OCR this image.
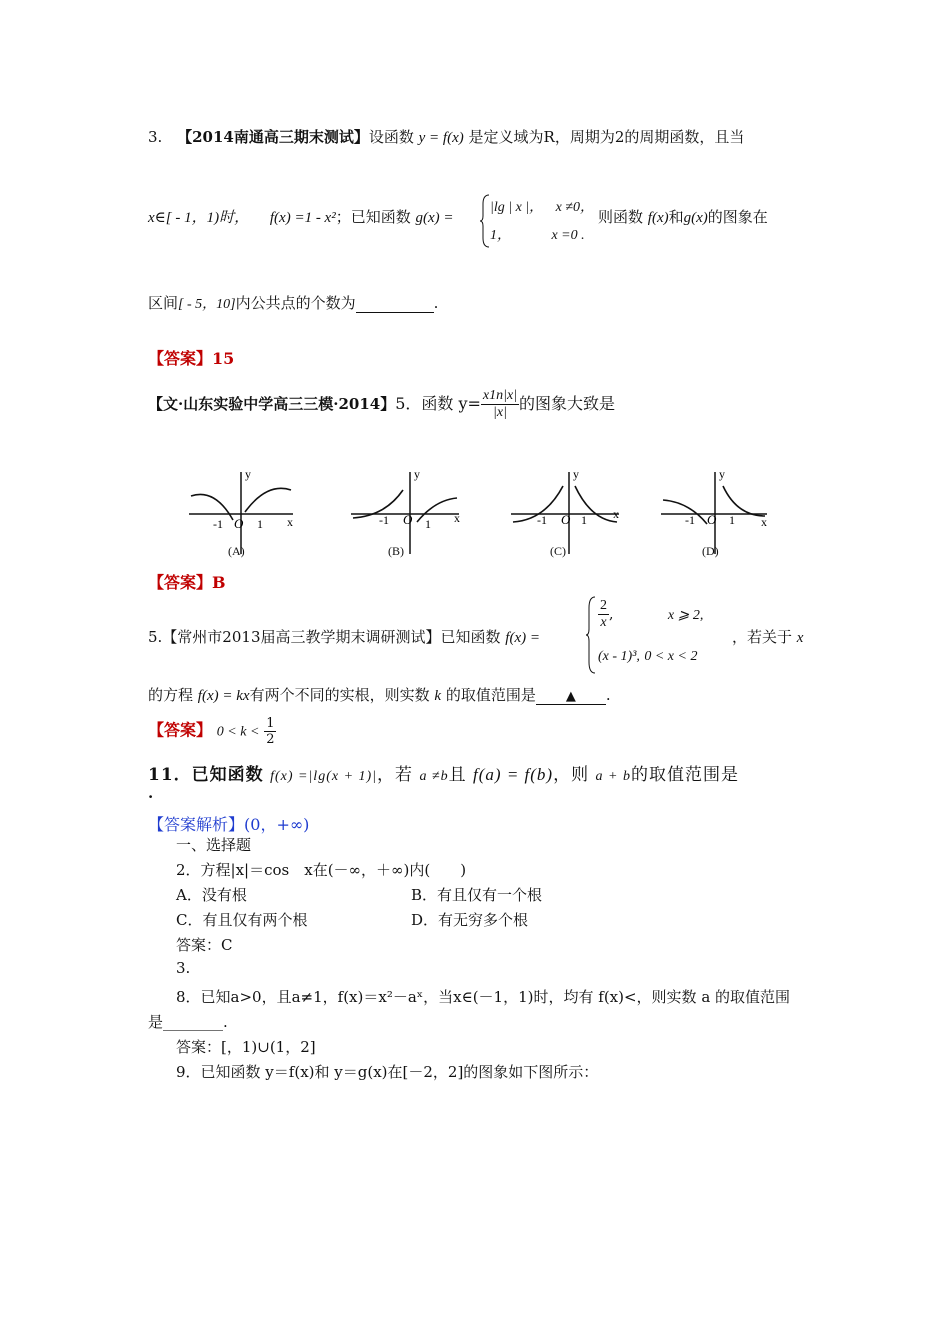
3. 【2014南通高三期末测试】设函数 y = f(x) 是定义域为R，周期为2的周期函数，且当
x∈[ - 1，1)时， f(x) =1 - x²；已知函数 g(x) =
|lg | x |， x ≠0，
1，	x =0 .
则函数 f(x)和g(x)的图象在
区间[ - 5，10]内公共点的个数为	.
【答案】15
【文·山东实验中学高三三模·2014】5．函数 $y= \frac{x1n|x|}{|x|}$ 的图象大致是
y
x
-1 O 1
y
x
-1 O 1
y
x
-1 O 1
y
x
-1 O 1
(A)	(B)	(C)	(D)
【答案】B
5.【常州市2013届高三教学期末调研测试】已知函数 f(x) =
$\frac{2}{x}$ ,	x ⩾ 2,
(x - 1)³, 0 < x < 2
，若关于 x
的方程 f(x) = kx有两个不同的实根，则实数 k 的取值范围是 ▲ .
【答案】 $0 < k < \frac{1}{2}$
11．已知函数 f(x) =|lg(x + 1)|，若 a ≠b且 f(a) = f(b)，则 a + b的取值范围是
.
【答案解析】(0，+∞)
一、选择题
2．方程|x|＝cos　x在(－∞，＋∞)内(　　)
A．没有根	B．有且仅有一个根
C．有且仅有两个根	D．有无穷多个根
答案：C
3.
8．已知a>0，且a≠1，f(x)＝x²－aˣ，当x∈(－1，1)时，均有 f(x)<，则实数 a 的取值范围
是________.
答案：[，1)∪(1，2]
9．已知函数 y＝f(x)和 y＝g(x)在[－2，2]的图象如下图所示：
